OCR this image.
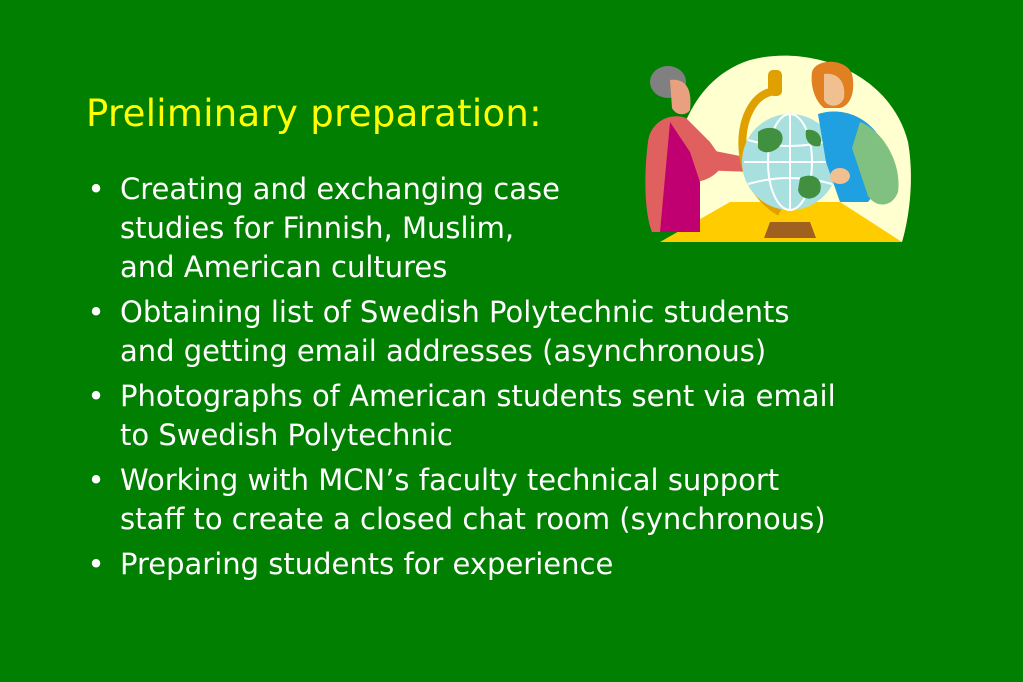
Preliminary preparation:
• Creating and exchanging case
studies for Finnish, Muslim,
and American cultures
• Obtaining list of Swedish Polytechnic students
and getting email addresses (asynchronous)
• Photographs of American students sent via email
to Swedish Polytechnic
• Working with MCN’s faculty technical support
staff to create a closed chat room (synchronous)
• Preparing students for experience
